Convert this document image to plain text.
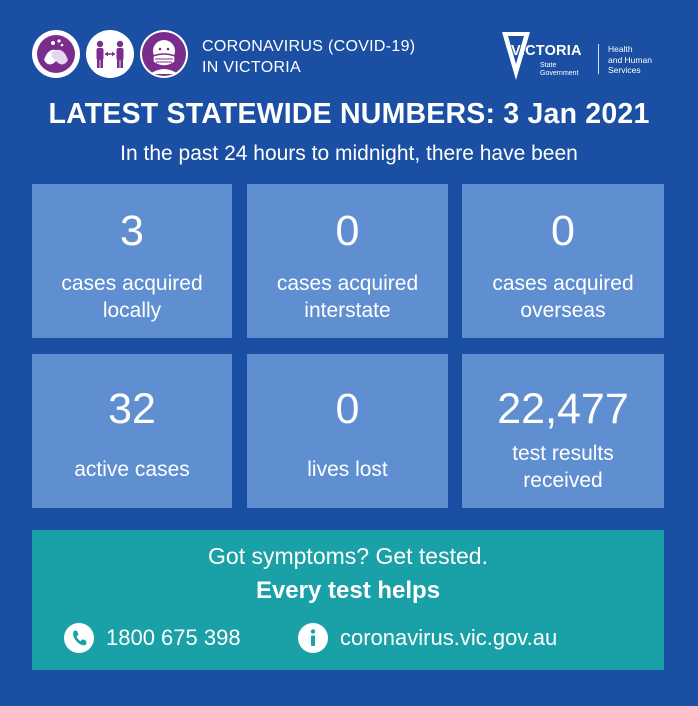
CORONAVIRUS (COVID-19)
IN VICTORIA
VICTORIA
State
Government
Health
and Human
Services
LATEST STATEWIDE NUMBERS: 3 Jan 2021
In the past 24 hours to midnight, there have been
3
cases acquired
locally
0
cases acquired
interstate
0
cases acquired
overseas
32
active cases
0
lives lost
22,477
test results
received
Got symptoms? Get tested.
Every test helps
1800 675 398	coronavirus.vic.gov.au
